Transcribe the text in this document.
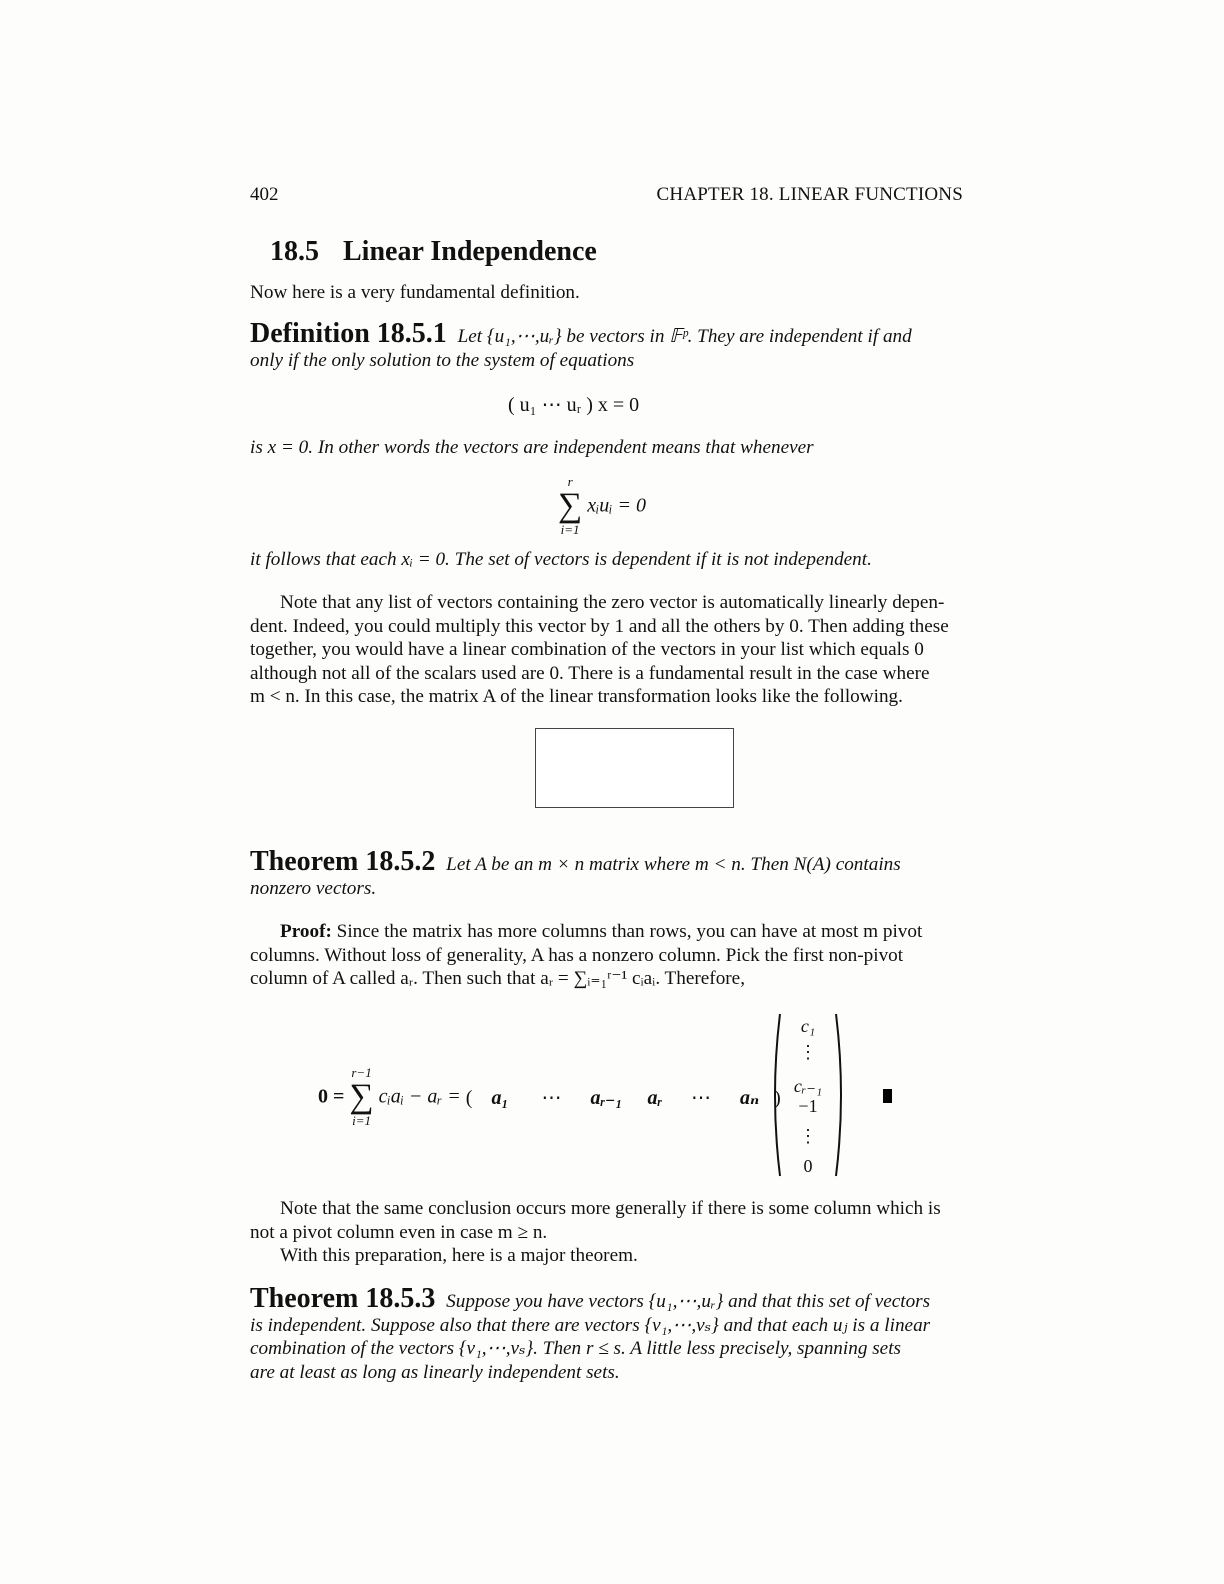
402	CHAPTER 18. LINEAR FUNCTIONS
18.5 Linear Independence
Now here is a very fundamental definition.
Definition 18.5.1 Let {u₁,⋯,uᵣ} be vectors in 𝔽ᵖ. They are independent if and
only if the only solution to the system of equations
( u₁ ⋯ uᵣ ) x = 0
is x = 0. In other words the vectors are independent means that whenever
r
∑
i=1
xᵢuᵢ = 0
it follows that each xᵢ = 0. The set of vectors is dependent if it is not independent.
Note that any list of vectors containing the zero vector is automatically linearly depen-
dent. Indeed, you could multiply this vector by 1 and all the others by 0. Then adding these
together, you would have a linear combination of the vectors in your list which equals 0
although not all of the scalars used are 0. There is a fundamental result in the case where
m < n. In this case, the matrix A of the linear transformation looks like the following.
Theorem 18.5.2 Let A be an m × n matrix where m < n. Then N(A) contains
nonzero vectors.
Proof: Since the matrix has more columns than rows, you can have at most m pivot
columns. Without loss of generality, A has a nonzero column. Pick the first non-pivot
column of A called aᵣ. Then such that aᵣ = ∑ᵢ₌₁ʳ⁻¹ cᵢaᵢ. Therefore,
0 =
r−1
∑
i=1
cᵢaᵢ − aᵣ = ( a₁ ⋯ aᵣ₋₁ aᵣ ⋯ aₙ )
c₁
⋮
cᵣ₋₁
−1
⋮
0
Note that the same conclusion occurs more generally if there is some column which is
not a pivot column even in case m ≥ n.
With this preparation, here is a major theorem.
Theorem 18.5.3 Suppose you have vectors {u₁,⋯,uᵣ} and that this set of vectors
is independent. Suppose also that there are vectors {v₁,⋯,vₛ} and that each uⱼ is a linear
combination of the vectors {v₁,⋯,vₛ}. Then r ≤ s. A little less precisely, spanning sets
are at least as long as linearly independent sets.
